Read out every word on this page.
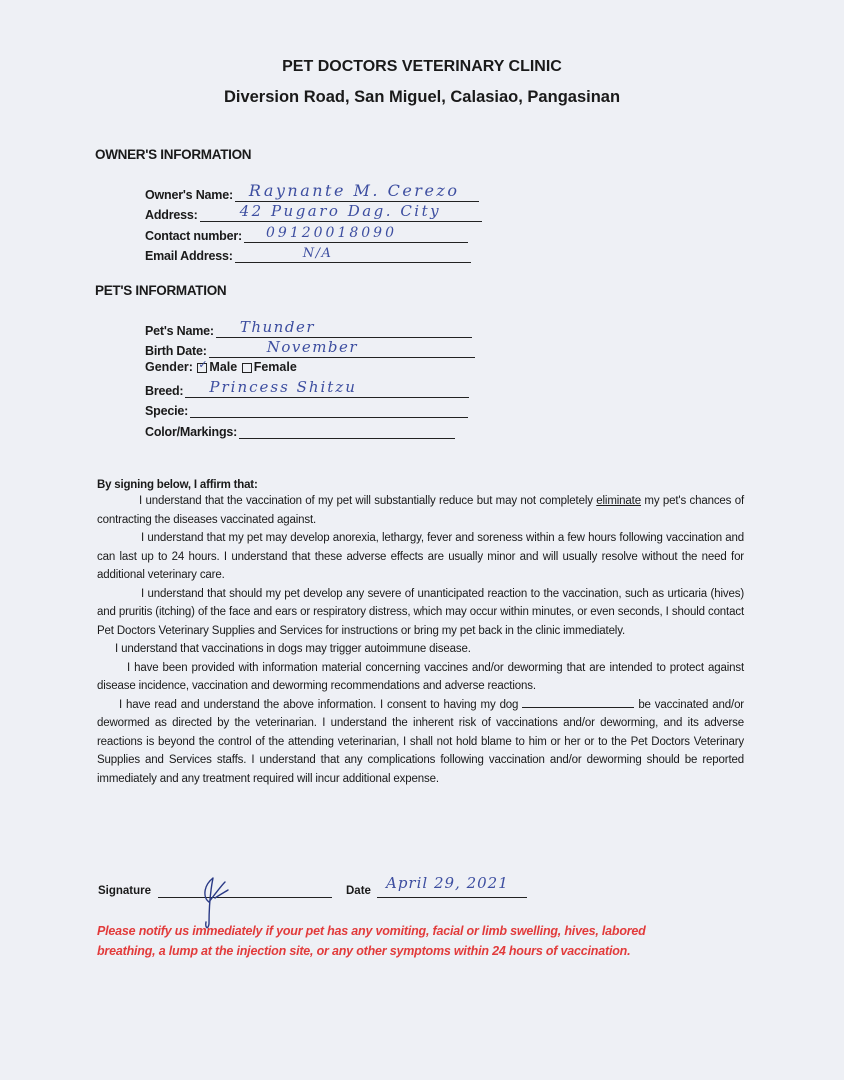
PET DOCTORS VETERINARY CLINIC
Diversion Road, San Miguel, Calasiao, Pangasinan
OWNER'S INFORMATION
Owner's Name: Raynante M. Cerezo
Address:	42 Pugaro Dag. City
Contact number: 09120018090
Email Address:	N/A
PET'S INFORMATION
Pet's Name: Thunder
Birth Date:	November
Gender: ✓ Male Female
Breed: Princess Shitzu
Specie:
Color/Markings:
By signing below, I affirm that:

I understand that the vaccination of my pet will substantially reduce but may not completely eliminate my pet's chances of contracting the diseases vaccinated against.

I understand that my pet may develop anorexia, lethargy, fever and soreness within a few hours following vaccination and can last up to 24 hours. I understand that these adverse effects are usually minor and will usually resolve without the need for additional veterinary care.

I understand that should my pet develop any severe of unanticipated reaction to the vaccination, such as urticaria (hives) and pruritis (itching) of the face and ears or respiratory distress, which may occur within minutes, or even seconds, I should contact Pet Doctors Veterinary Supplies and Services for instructions or bring my pet back in the clinic immediately.

I understand that vaccinations in dogs may trigger autoimmune disease.

I have been provided with information material concerning vaccines and/or deworming that are intended to protect against disease incidence, vaccination and deworming recommendations and adverse reactions.

I have read and understand the above information. I consent to having my dog	be vaccinated and/or dewormed as directed by the veterinarian. I understand the inherent risk of vaccinations and/or deworming, and its adverse reactions is beyond the control of the attending veterinarian, I shall not hold blame to him or her or to the Pet Doctors Veterinary Supplies and Services staffs. I understand that any complications following vaccination and/or deworming should be reported immediately and any treatment required will incur additional expense.

Signature	Date April 29, 2021
Please notify us immediately if your pet has any vomiting, facial or limb swelling, hives, labored breathing, a lump at the injection site, or any other symptoms within 24 hours of vaccination.
